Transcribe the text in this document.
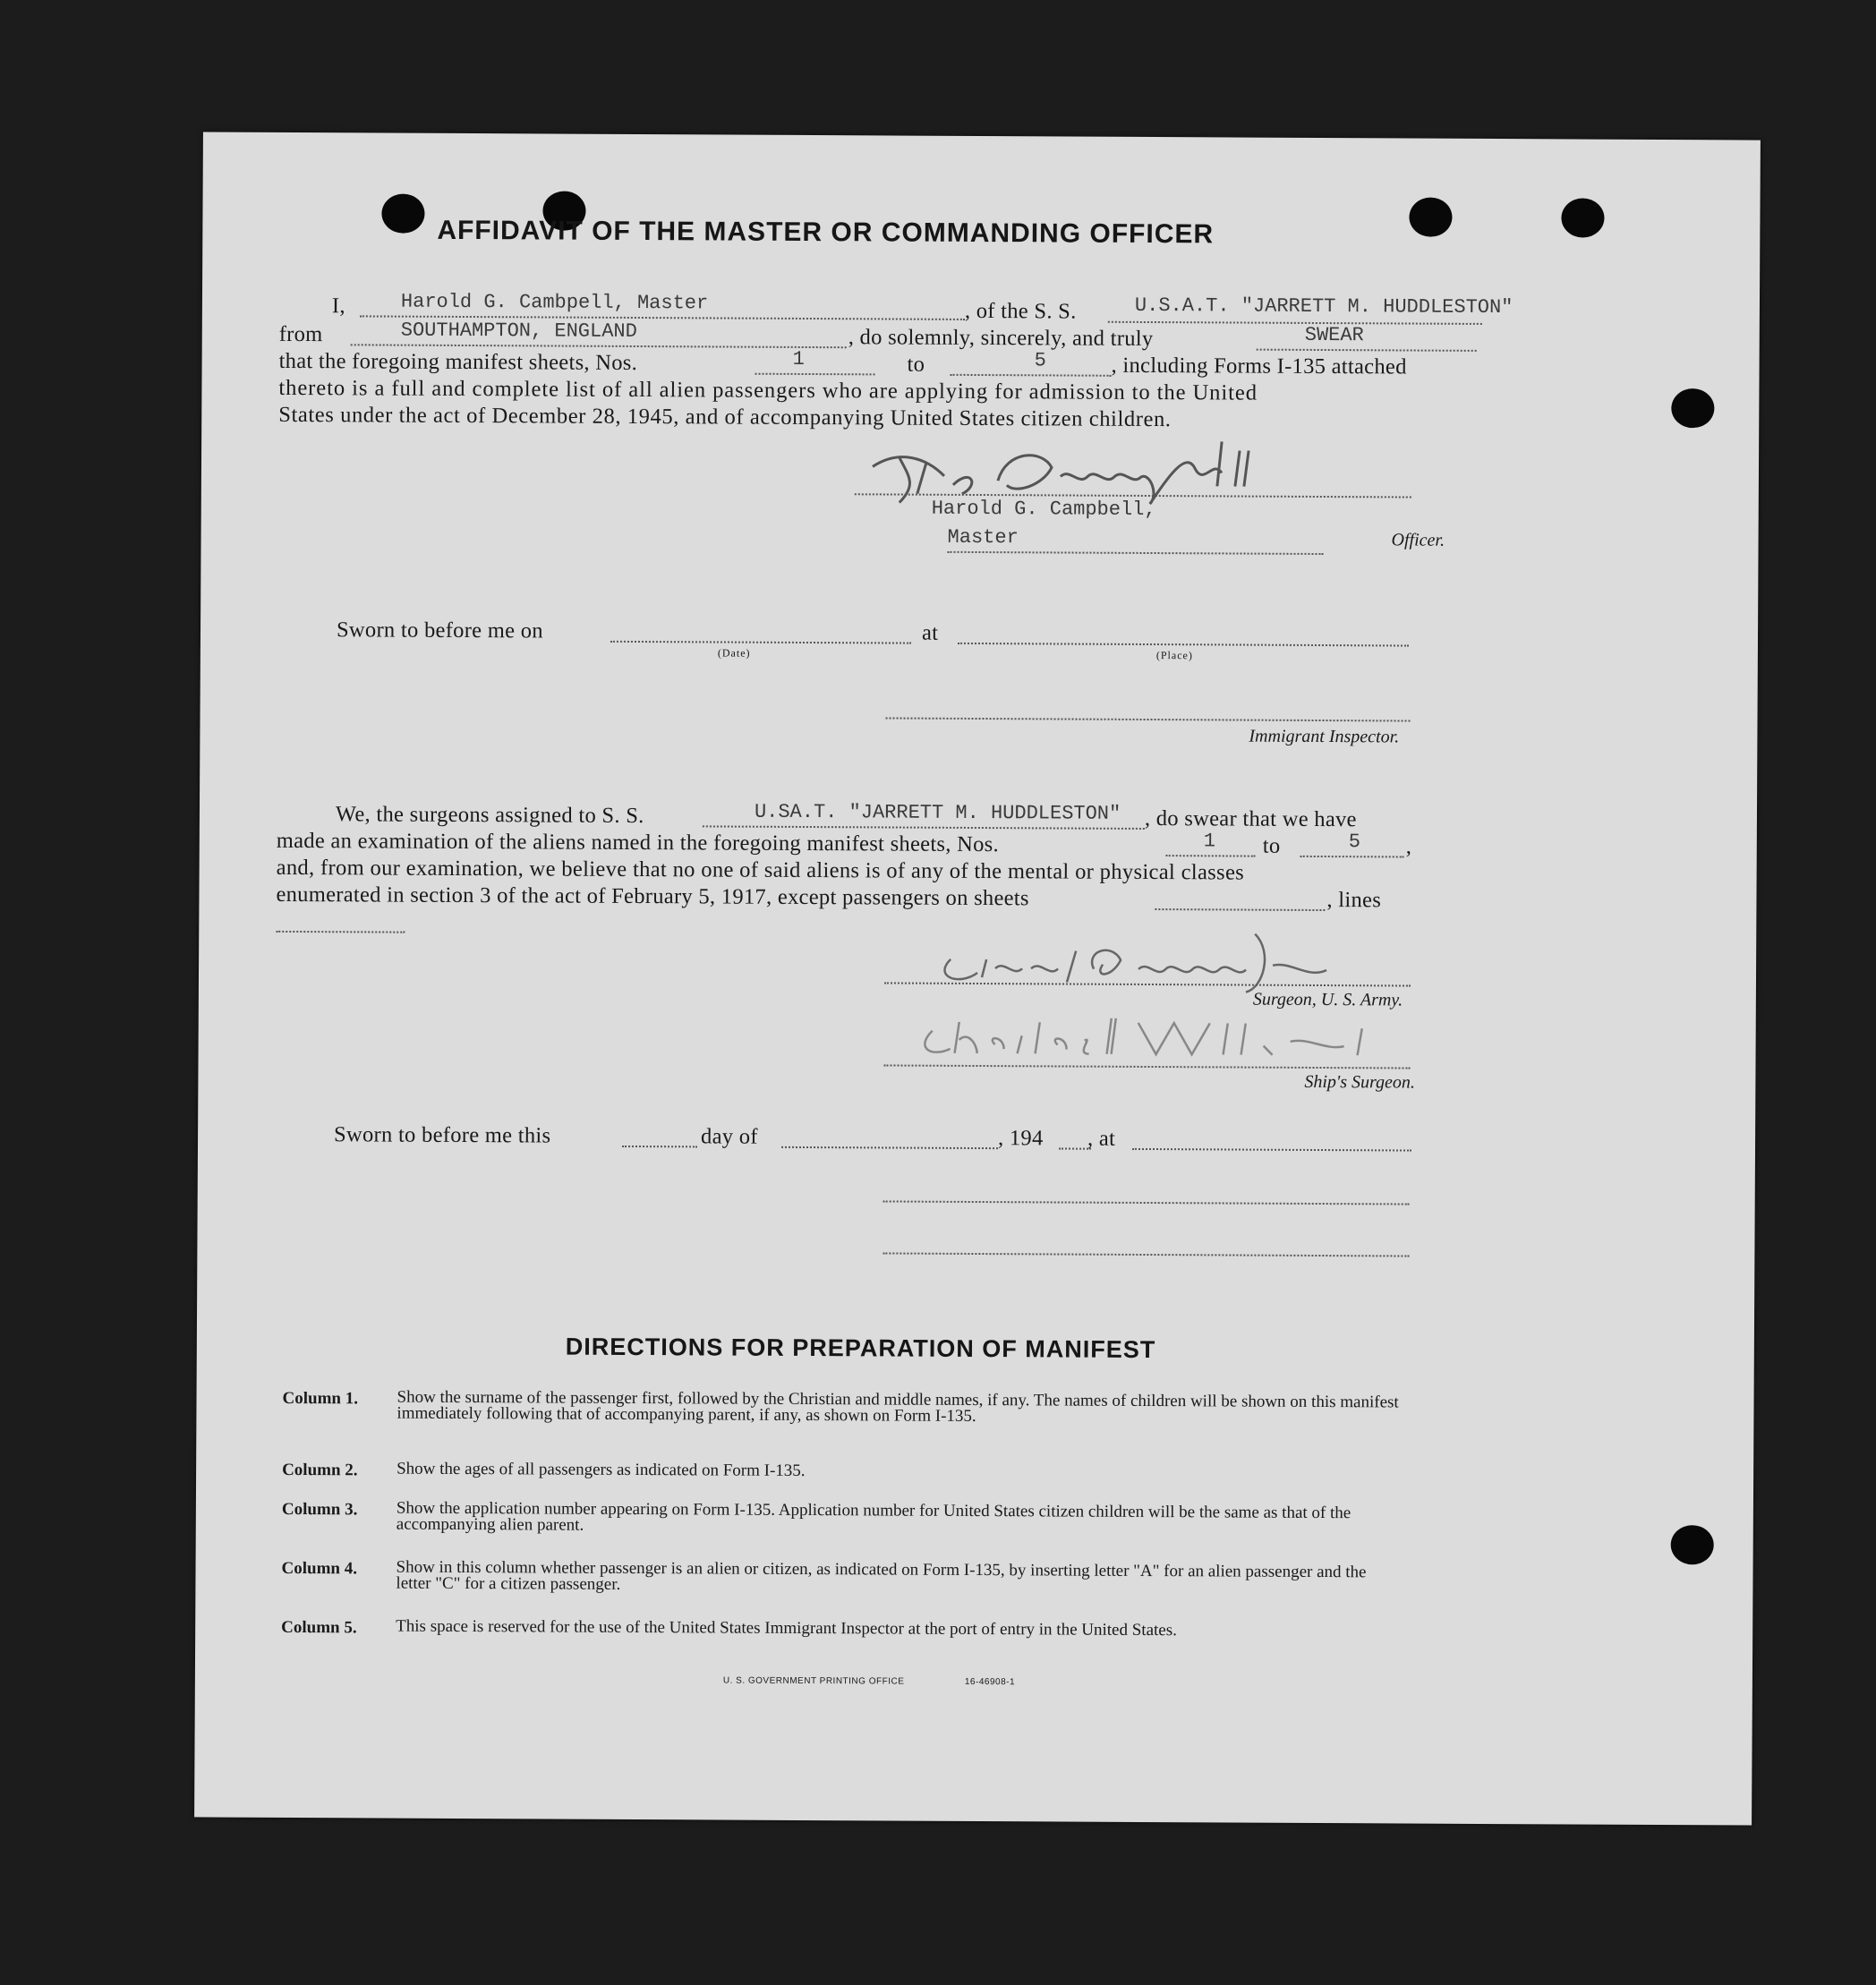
AFFIDAVIT OF THE MASTER OR COMMANDING OFFICER
I,	Harold G. Cambpell, Master	, of the S. S.	U.S.A.T. "JARRETT M. HUDDLESTON"
from	SOUTHAMPTON, ENGLAND	, do solemnly, sincerely, and truly	SWEAR
that the foregoing manifest sheets, Nos.	1	to	5	, including Forms I-135 attached
thereto is a full and complete list of all alien passengers who are applying for admission to the United
States under the act of December 28, 1945, and of accompanying United States citizen children.
Harold G. Campbell,
Master	Officer.
Sworn to before me on
(Date)
at
(Place)
Immigrant Inspector.
We, the surgeons assigned to S. S.	U.SA.T. "JARRETT M. HUDDLESTON" , do swear that we have
made an examination of the aliens named in the foregoing manifest sheets, Nos.	1 to	5 ,
and, from our examination, we believe that no one of said aliens is of any of the mental or physical classes
enumerated in section 3 of the act of February 5, 1917, except passengers on sheets	, lines
Surgeon, U. S. Army.
Ship's Surgeon.
Sworn to before me this	day of	, 194 , at
DIRECTIONS FOR PREPARATION OF MANIFEST
Column 1. Show the surname of the passenger first, followed by the Christian and middle names, if any. The names of children will be shown on this manifest immediately following that of accompanying parent, if any, as shown on Form I-135.
Column 2. Show the ages of all passengers as indicated on Form I-135.
Column 3. Show the application number appearing on Form I-135. Application number for United States citizen children will be the same as that of the accompanying alien parent.
Column 4. Show in this column whether passenger is an alien or citizen, as indicated on Form I-135, by inserting letter "A" for an alien passenger and the letter "C" for a citizen passenger.
Column 5. This space is reserved for the use of the United States Immigrant Inspector at the port of entry in the United States.
U. S. GOVERNMENT PRINTING OFFICE	16-46908-1
